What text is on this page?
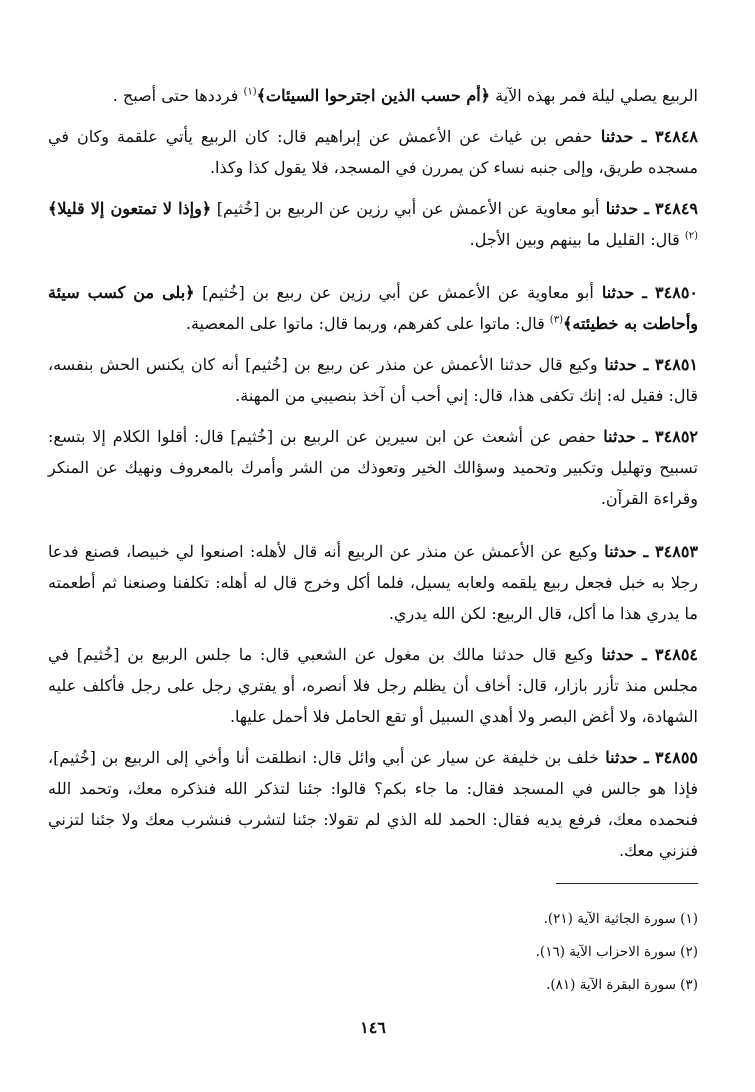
الربيع يصلي ليلة فمر بهذه الآية ﴿أم حسب الذين اجترحوا السيئات﴾$^{(١)}$ فرددها حتى أصبح .

٣٤٨٤٨ ـ حدثنا حفص بن غياث عن الأعمش عن إبراهيم قال: كان الربيع يأتي علقمة وكان في مسجده طريق، وإلى جنبه نساء كن يمررن في المسجد، فلا يقول كذا وكذا.

٣٤٨٤٩ ـ حدثنا أبو معاوية عن الأعمش عن أبي رزين عن الربيع بن [خُثيم] ﴿وإذا لا تمتعون إلا قليلا﴾$^{(٢)}$ قال: القليل ما بينهم وبين الأجل.

٣٤٨٥٠ ـ حدثنا أبو معاوية عن الأعمش عن أبي رزين عن ربيع بن [خُثيم] ﴿بلى من كسب سيئة وأحاطت به خطيئته﴾$^{(٣)}$ قال: ماتوا على كفرهم، وربما قال: ماتوا على المعصية.

٣٤٨٥١ ـ حدثنا وكيع قال حدثنا الأعمش عن منذر عن ربيع بن [خُثيم] أنه كان يكنس الحش بنفسه، قال: فقيل له: إنك تكفى هذا، قال: إني أحب أن آخذ بنصيبي من المهنة.

٣٤٨٥٢ ـ حدثنا حفص عن أشعث عن ابن سيرين عن الربيع بن [خُثيم] قال: أقلوا الكلام إلا بتسع: تسبيح وتهليل وتكبير وتحميد وسؤالك الخير وتعوذك من الشر وأمرك بالمعروف ونهيك عن المنكر وقراءة القرآن.

٣٤٨٥٣ ـ حدثنا وكيع عن الأعمش عن منذر عن الربيع أنه قال لأهله: اصنعوا لي خبيصا، فصنع فدعا رجلا به خبل فجعل ربيع يلقمه ولعابه يسيل، فلما أكل وخرج قال له أهله: تكلفنا وصنعنا ثم أطعمته ما يدري هذا ما أكل، قال الربيع: لكن الله يدري.

٣٤٨٥٤ ـ حدثنا وكيع قال حدثنا مالك بن مغول عن الشعبي قال: ما جلس الربيع بن [خُثيم] في مجلس منذ تأزر بازار، قال: أخاف أن يظلم رجل فلا أنصره، أو يفتري رجل على رجل فأكلف عليه الشهادة، ولا أغض البصر ولا أهدي السبيل أو تقع الحامل فلا أحمل عليها.

٣٤٨٥٥ ـ حدثنا خلف بن خليفة عن سيار عن أبي وائل قال: انطلقت أنا وأخي إلى الربيع بن [خُثيم]، فإذا هو جالس في المسجد فقال: ما جاء بكم؟ قالوا: جئنا لتذكر الله فنذكره معك، وتحمد الله فنحمده معك، فرفع يديه فقال: الحمد لله الذي لم تقولا: جئنا لتشرب فنشرب معك ولا جئنا لتزني فنزني معك.

(١) سورة الجاثية الآية (٢١).

(٢) سورة الاحزاب الآية (١٦).

(٣) سورة البقرة الآية (٨١).

١٤٦
